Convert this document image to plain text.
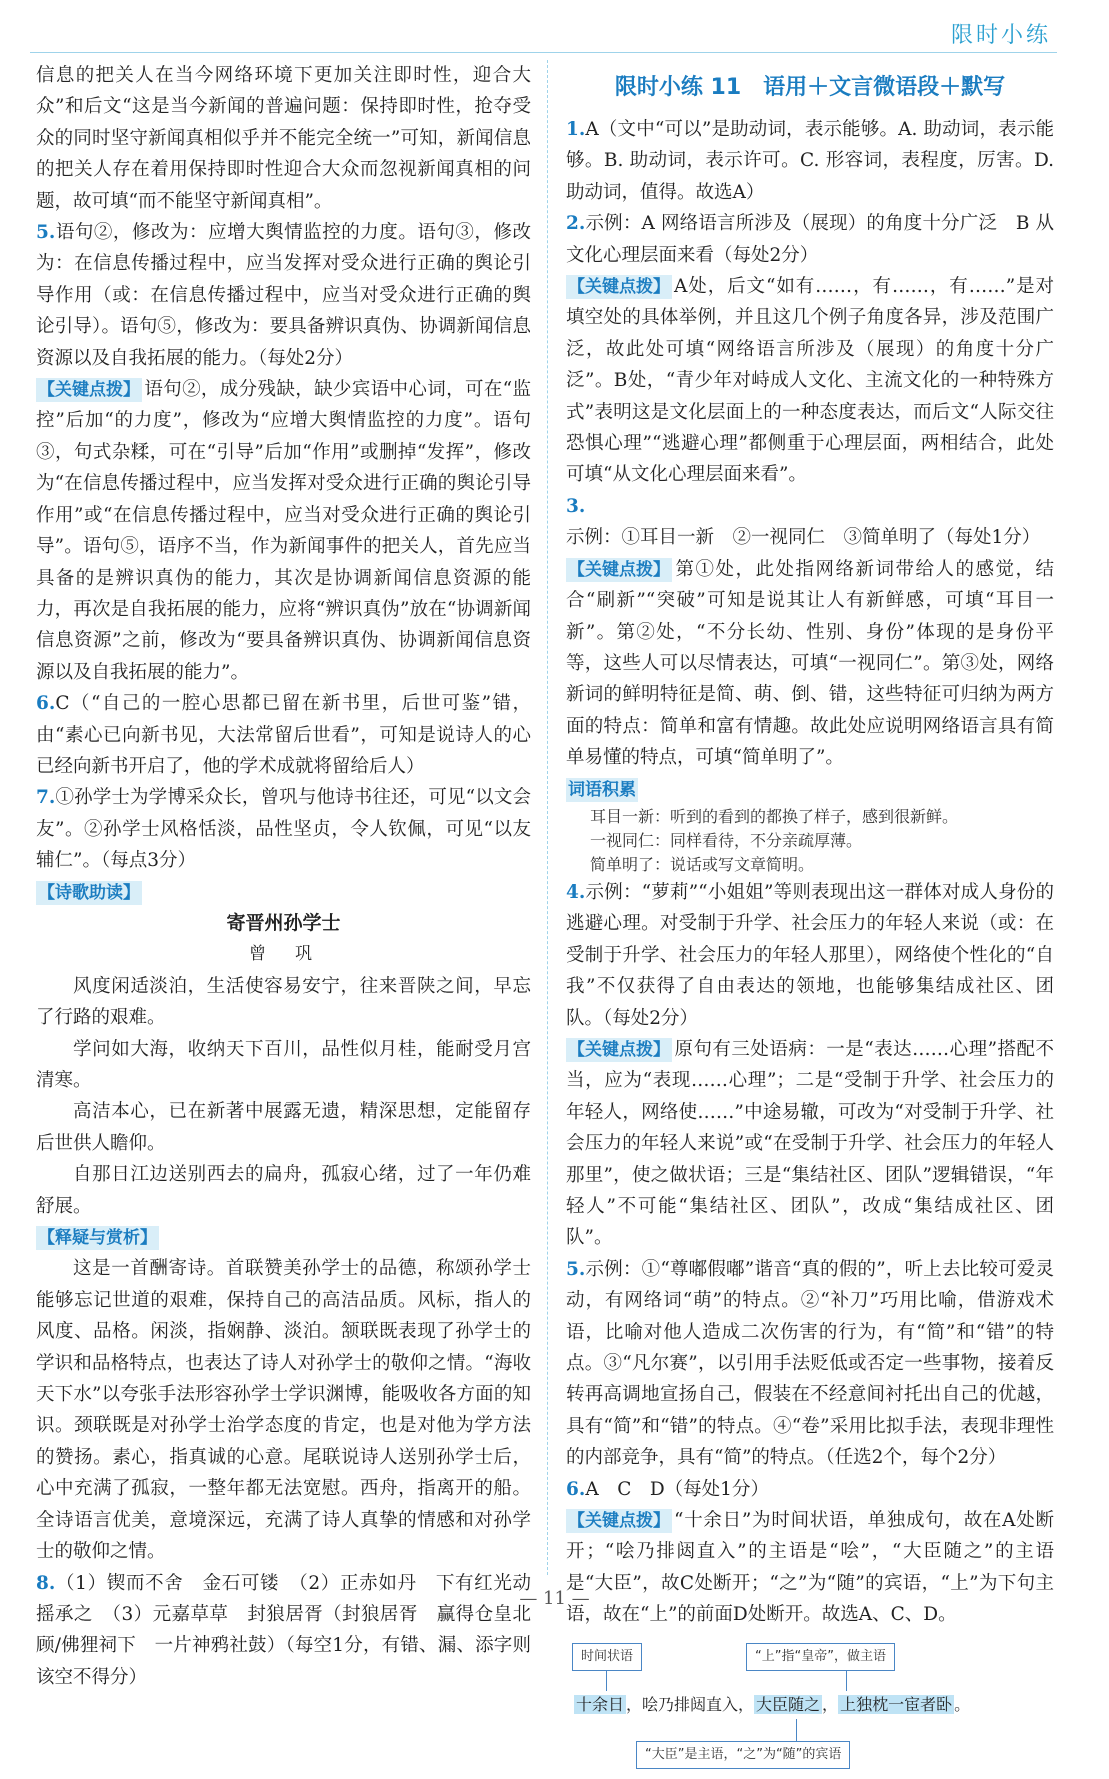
限时小练

信息的把关人在当今网络环境下更加关注即时性，迎合大众”和后文“这是当今新闻的普遍问题：保持即时性，抢夺受众的同时坚守新闻真相似乎并不能完全统一”可知，新闻信息的把关人存在着用保持即时性迎合大众而忽视新闻真相的问题，故可填“而不能坚守新闻真相”。

5.语句②，修改为：应增大舆情监控的力度。语句③，修改为：在信息传播过程中，应当发挥对受众进行正确的舆论引导作用（或：在信息传播过程中，应当对受众进行正确的舆论引导）。语句⑤，修改为：要具备辨识真伪、协调新闻信息资源以及自我拓展的能力。（每处2分）

【关键点拨】 语句②，成分残缺，缺少宾语中心词，可在“监控”后加“的力度”，修改为“应增大舆情监控的力度”。语句③，句式杂糅，可在“引导”后加“作用”或删掉“发挥”，修改为“在信息传播过程中，应当发挥对受众进行正确的舆论引导作用”或“在信息传播过程中，应当对受众进行正确的舆论引导”。语句⑤，语序不当，作为新闻事件的把关人，首先应当具备的是辨识真伪的能力，其次是协调新闻信息资源的能力，再次是自我拓展的能力，应将“辨识真伪”放在“协调新闻信息资源”之前，修改为“要具备辨识真伪、协调新闻信息资源以及自我拓展的能力”。

6.C（“自己的一腔心思都已留在新书里，后世可鉴”错，由“素心已向新书见，大法常留后世看”，可知是说诗人的心已经向新书开启了，他的学术成就将留给后人）

7.①孙学士为学博采众长，曾巩与他诗书往还，可见“以文会友”。②孙学士风格恬淡，品性坚贞，令人钦佩，可见“以友辅仁”。（每点3分）

【诗歌助读】

寄晋州孙学士

曾　巩

风度闲适淡泊，生活使容易安宁，往来晋陕之间，早忘了行路的艰难。

学问如大海，收纳天下百川，品性似月桂，能耐受月宫清寒。

高洁本心，已在新著中展露无遗，精深思想，定能留存后世供人瞻仰。

自那日江边送别西去的扁舟，孤寂心绪，过了一年仍难舒展。

【释疑与赏析】

这是一首酬寄诗。首联赞美孙学士的品德，称颂孙学士能够忘记世道的艰难，保持自己的高洁品质。风标，指人的风度、品格。闲淡，指娴静、淡泊。颔联既表现了孙学士的学识和品格特点，也表达了诗人对孙学士的敬仰之情。“海收天下水”以夸张手法形容孙学士学识渊博，能吸收各方面的知识。颈联既是对孙学士治学态度的肯定，也是对他为学方法的赞扬。素心，指真诚的心意。尾联说诗人送别孙学士后，心中充满了孤寂，一整年都无法宽慰。西舟，指离开的船。全诗语言优美，意境深远，充满了诗人真挚的情感和对孙学士的敬仰之情。

8.（1）锲而不舍　金石可镂　（2）正赤如丹　下有红光动摇承之　（3）元嘉草草　封狼居胥（封狼居胥　赢得仓皇北顾/佛狸祠下　一片神鸦社鼓）（每空1分，有错、漏、添字则该空不得分）

限时小练 11　语用＋文言微语段＋默写

1.A（文中“可以”是助动词，表示能够。A. 助动词，表示能够。B. 助动词，表示许可。C. 形容词，表程度，厉害。D. 助动词，值得。故选A）

2.示例：A 网络语言所涉及（展现）的角度十分广泛　B 从文化心理层面来看（每处2分）

【关键点拨】 A处，后文“如有……，有……，有……”是对填空处的具体举例，并且这几个例子角度各异，涉及范围广泛，故此处可填“网络语言所涉及（展现）的角度十分广泛”。B处，“青少年对峙成人文化、主流文化的一种特殊方式”表明这是文化层面上的一种态度表达，而后文“人际交往恐惧心理”“逃避心理”都侧重于心理层面，两相结合，此处可填“从文化心理层面来看”。

3.示例：①耳目一新　②一视同仁　③简单明了（每处1分）

【关键点拨】 第①处，此处指网络新词带给人的感觉，结合“刷新”“突破”可知是说其让人有新鲜感，可填“耳目一新”。第②处，“不分长幼、性别、身份”体现的是身份平等，这些人可以尽情表达，可填“一视同仁”。第③处，网络新词的鲜明特征是简、萌、倒、错，这些特征可归纳为两方面的特点：简单和富有情趣。故此处应说明网络语言具有简单易懂的特点，可填“简单明了”。

词语积累

耳目一新：听到的看到的都换了样子，感到很新鲜。

一视同仁：同样看待，不分亲疏厚薄。

简单明了：说话或写文章简明。

4.示例：“萝莉”“小姐姐”等则表现出这一群体对成人身份的逃避心理。对受制于升学、社会压力的年轻人来说（或：在受制于升学、社会压力的年轻人那里），网络使个性化的“自我”不仅获得了自由表达的领地，也能够集结成社区、团队。（每处2分）

【关键点拨】 原句有三处语病：一是“表达……心理”搭配不当，应为“表现……心理”；二是“受制于升学、社会压力的年轻人，网络使……”中途易辙，可改为“对受制于升学、社会压力的年轻人来说”或“在受制于升学、社会压力的年轻人那里”，使之做状语；三是“集结社区、团队”逻辑错误，“年轻人”不可能“集结社区、团队”，改成“集结成社区、团队”。

5.示例：①“尊嘟假嘟”谐音“真的假的”，听上去比较可爱灵动，有网络词“萌”的特点。②“补刀”巧用比喻，借游戏术语，比喻对他人造成二次伤害的行为，有“简”和“错”的特点。③“凡尔赛”，以引用手法贬低或否定一些事物，接着反转再高调地宣扬自己，假装在不经意间衬托出自己的优越，具有“简”和“错”的特点。④“卷”采用比拟手法，表现非理性的内部竞争，具有“简”的特点。（任选2个，每个2分）

6.A　C　D（每处1分）

【关键点拨】 “十余日”为时间状语，单独成句，故在A处断开；“哙乃排闼直入”的主语是“哙”，“大臣随之”的主语是“大臣”，故C处断开；“之”为“随”的宾语，“上”为下句主语，故在“上”的前面D处断开。故选A、C、D。

时间状语	“上”指“皇帝”，做主语
十余日 ，哙乃排闼直入， 大臣随之 ， 上独枕一宦者卧 。
“大臣”是主语，“之”为“随”的宾语
— 11 —
